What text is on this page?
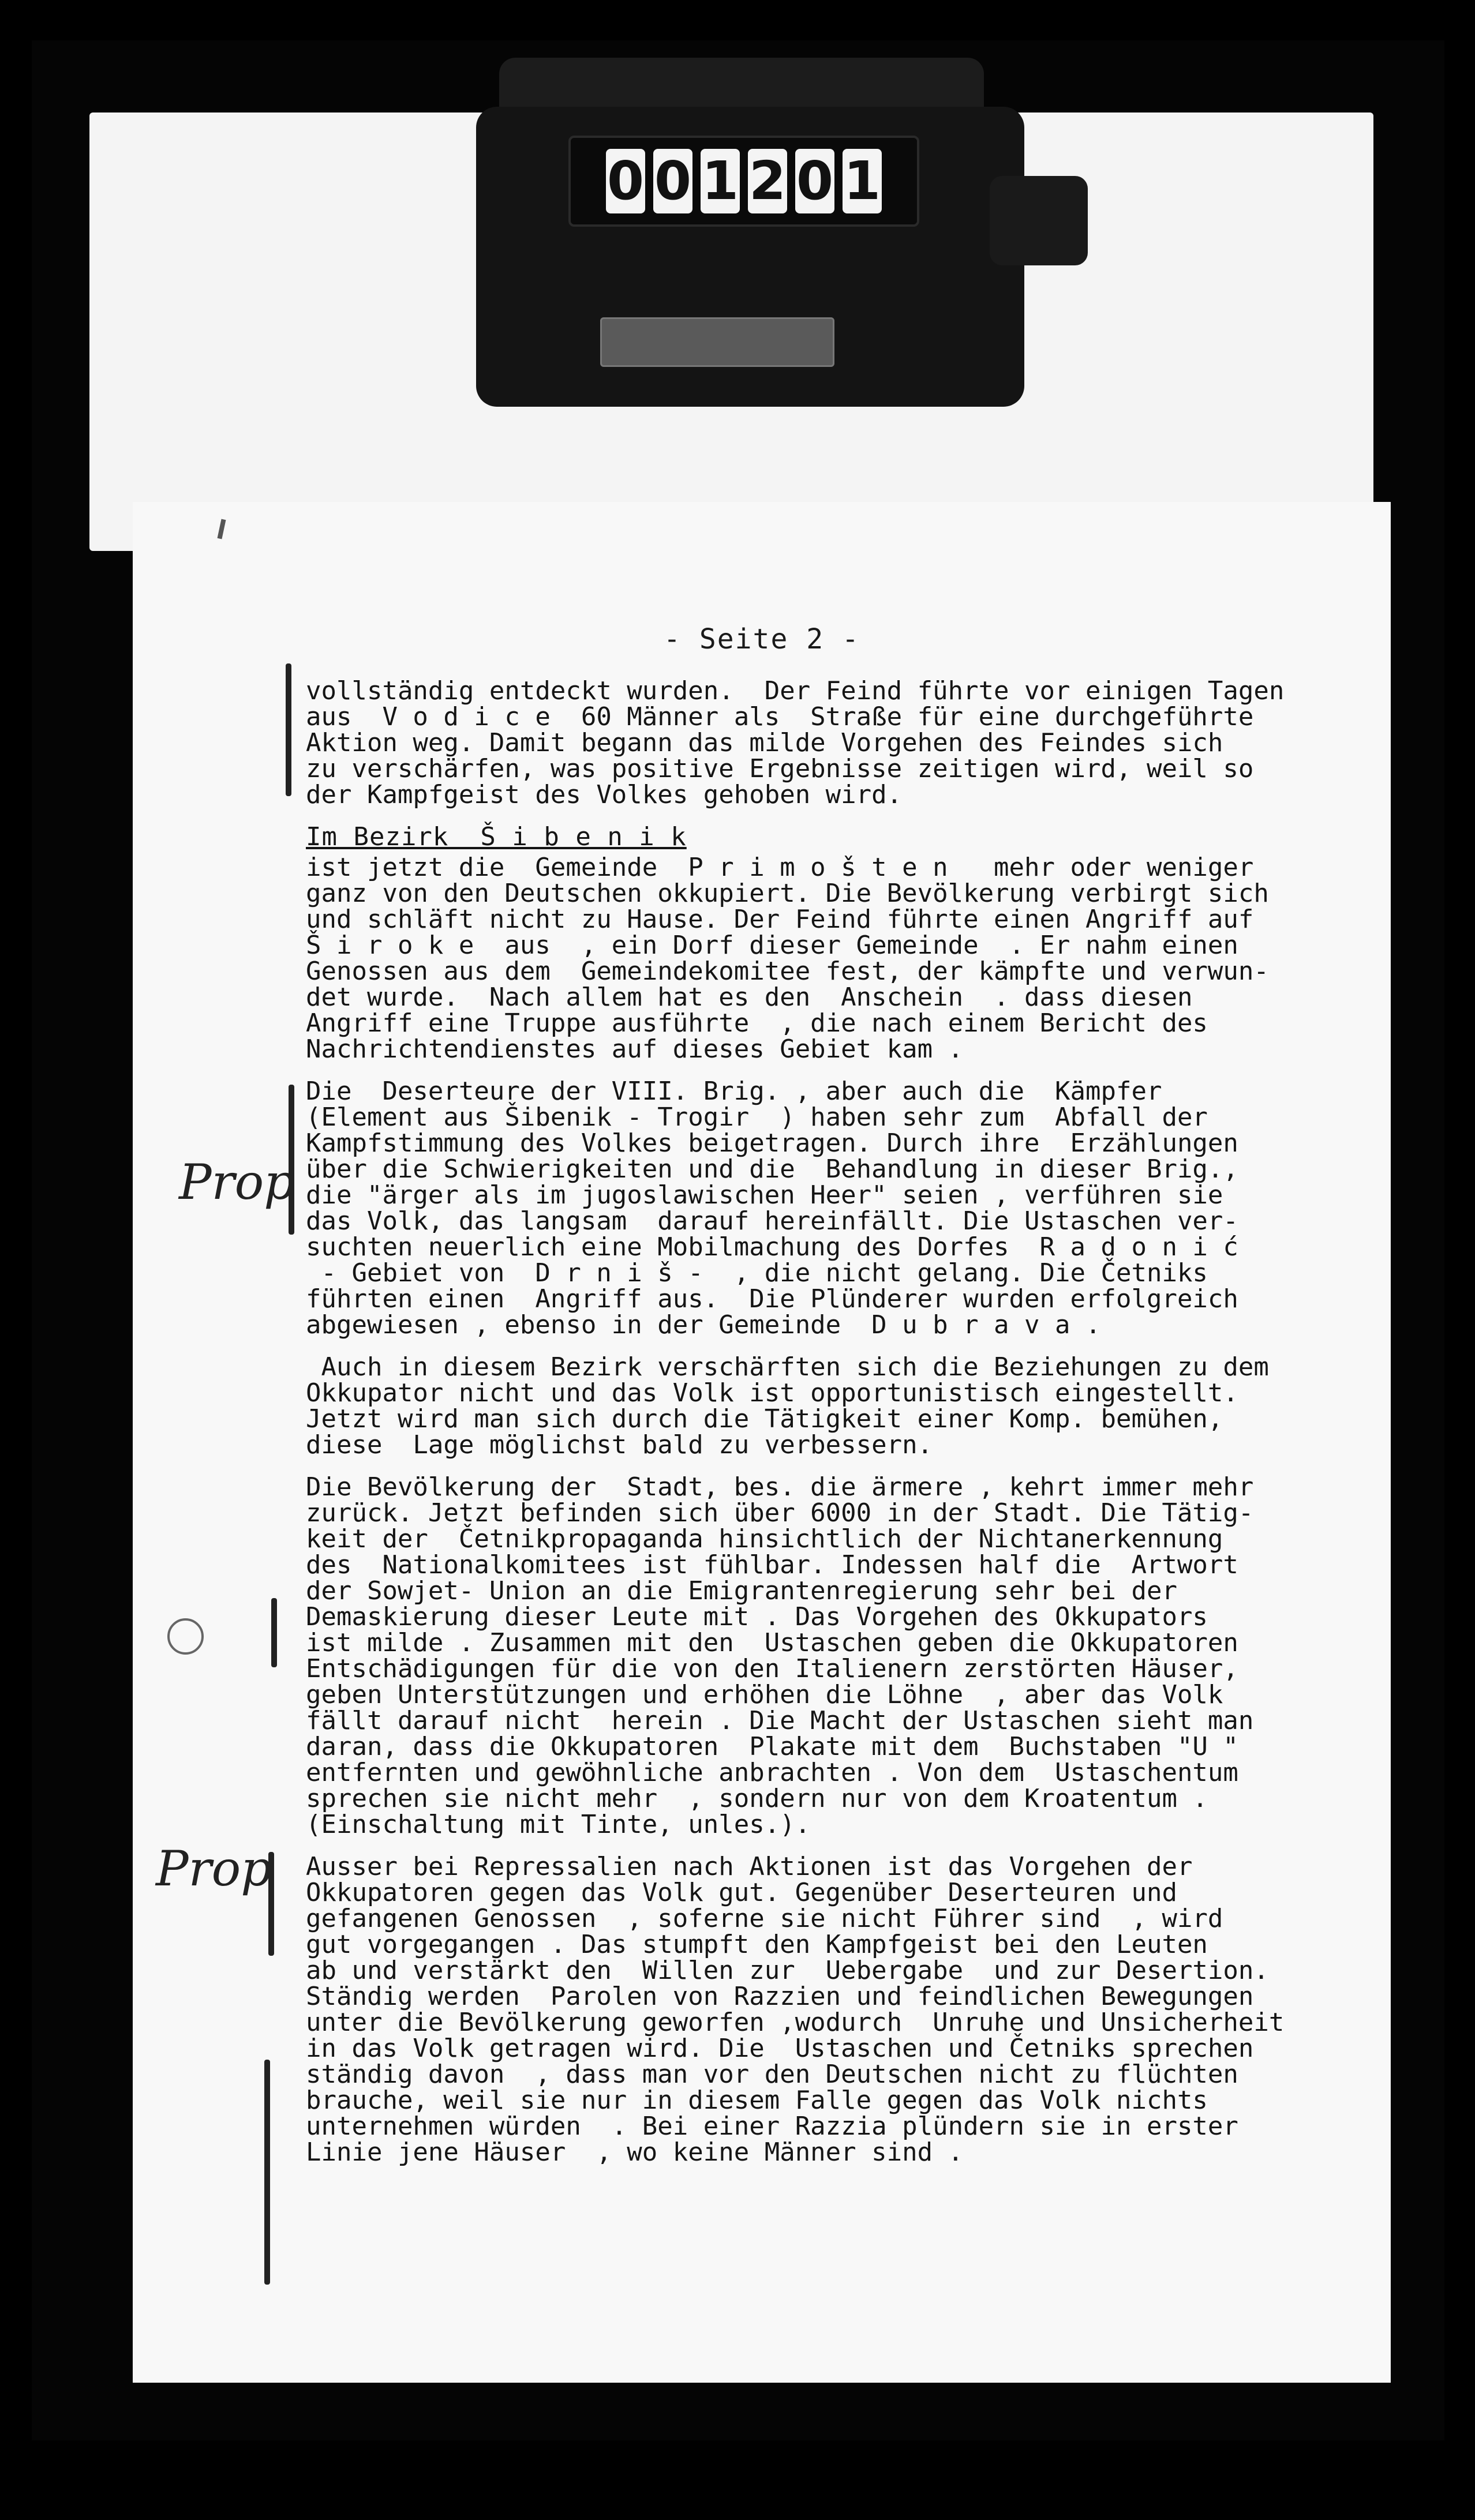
0 0 1 2 0 1
- Seite 2 -
vollständig entdeckt wurden.  Der Feind führte vor einigen Tagen
aus  V o d i c e  60 Männer als  Straße für eine durchgeführte
Aktion weg. Damit begann das milde Vorgehen des Feindes sich
zu verschärfen, was positive Ergebnisse zeitigen wird, weil so
der Kampfgeist des Volkes gehoben wird.
Im Bezirk  Š i b e n i k
ist jetzt die  Gemeinde  P r i m o š t e n   mehr oder weniger
ganz von den Deutschen okkupiert. Die Bevölkerung verbirgt sich
und schläft nicht zu Hause. Der Feind führte einen Angriff auf
Š i r o k e  aus  , ein Dorf dieser Gemeinde  . Er nahm einen
Genossen aus dem  Gemeindekomitee fest, der kämpfte und verwun-
det wurde.  Nach allem hat es den  Anschein  . dass diesen
Angriff eine Truppe ausführte  , die nach einem Bericht des
Nachrichtendienstes auf dieses Gebiet kam .
Die  Deserteure der VIII. Brig. , aber auch die  Kämpfer
(Element aus Šibenik - Trogir  ) haben sehr zum  Abfall der
Kampfstimmung des Volkes beigetragen. Durch ihre  Erzählungen
über die Schwierigkeiten und die  Behandlung in dieser Brig.,
die "ärger als im jugoslawischen Heer" seien , verführen sie
das Volk, das langsam  darauf hereinfällt. Die Ustaschen ver-
suchten neuerlich eine Mobilmachung des Dorfes  R a d o n i ć
- Gebiet von  D r n i š -  , die nicht gelang. Die Četniks
führten einen  Angriff aus.  Die Plünderer wurden erfolgreich
abgewiesen , ebenso in der Gemeinde  D u b r a v a .
Auch in diesem Bezirk verschärften sich die Beziehungen zu dem
Okkupator nicht und das Volk ist opportunistisch eingestellt.
Jetzt wird man sich durch die Tätigkeit einer Komp. bemühen,
diese  Lage möglichst bald zu verbessern.
Die Bevölkerung der  Stadt, bes. die ärmere , kehrt immer mehr
zurück. Jetzt befinden sich über 6000 in der Stadt. Die Tätig-
keit der  Četnikpropaganda hinsichtlich der Nichtanerkennung
des  Nationalkomitees ist fühlbar. Indessen half die  Artwort
der Sowjet- Union an die Emigrantenregierung sehr bei der
Demaskierung dieser Leute mit . Das Vorgehen des Okkupators
ist milde . Zusammen mit den  Ustaschen geben die Okkupatoren
Entschädigungen für die von den Italienern zerstörten Häuser,
geben Unterstützungen und erhöhen die Löhne  , aber das Volk
fällt darauf nicht  herein . Die Macht der Ustaschen sieht man
daran, dass die Okkupatoren  Plakate mit dem  Buchstaben "U "
entfernten und gewöhnliche anbrachten . Von dem  Ustaschentum
sprechen sie nicht mehr  , sondern nur von dem Kroatentum .
(Einschaltung mit Tinte, unles.).
Ausser bei Repressalien nach Aktionen ist das Vorgehen der
Okkupatoren gegen das Volk gut. Gegenüber Deserteuren und
gefangenen Genossen  , soferne sie nicht Führer sind  , wird
gut vorgegangen . Das stumpft den Kampfgeist bei den Leuten
ab und verstärkt den  Willen zur  Uebergabe  und zur Desertion.
Ständig werden  Parolen von Razzien und feindlichen Bewegungen
unter die Bevölkerung geworfen ,wodurch  Unruhe und Unsicherheit
in das Volk getragen wird. Die  Ustaschen und Četniks sprechen
ständig davon  , dass man vor den Deutschen nicht zu flüchten
brauche, weil sie nur in diesem Falle gegen das Volk nichts
unternehmen würden  . Bei einer Razzia plündern sie in erster
Linie jene Häuser  , wo keine Männer sind .
Prop
Prop
